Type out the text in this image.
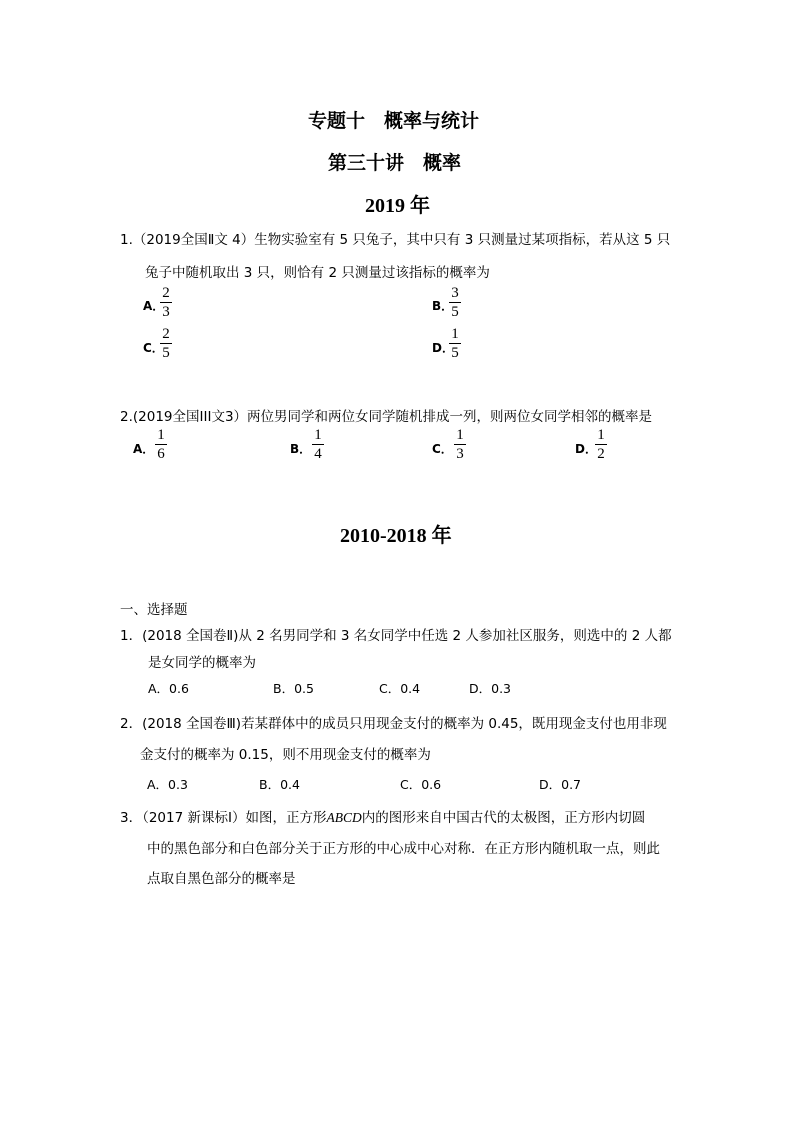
专题十　概率与统计
第三十讲　概率
2019 年
1.（2019全国Ⅱ文 4）生物实验室有 5 只兔子，其中只有 3 只测量过某项指标，若从这 5 只
兔子中随机取出 3 只，则恰有 2 只测量过该指标的概率为
A．
2
3	B．
3
5
C．
2
5	D．
1
5
2.(2019全国III文3）两位男同学和两位女同学随机排成一列，则两位女同学相邻的概率是
A．
1
6	B．
1
4	C．
1
3	D．
1
2
2010-2018 年
一、选择题
1．(2018 全国卷Ⅱ)从 2 名男同学和 3 名女同学中任选 2 人参加社区服务，则选中的 2 人都
是女同学的概率为
A．0.6	B．0.5	C．0.4	D．0.3
2．(2018 全国卷Ⅲ)若某群体中的成员只用现金支付的概率为 0.45，既用现金支付也用非现
金支付的概率为 0.15，则不用现金支付的概率为
A．0.3	B．0.4	C．0.6	D．0.7
3．（2017 新课标Ⅰ）如图，正方形ABCD内的图形来自中国古代的太极图，正方形内切圆
中的黑色部分和白色部分关于正方形的中心成中心对称．在正方形内随机取一点，则此
点取自黑色部分的概率是
